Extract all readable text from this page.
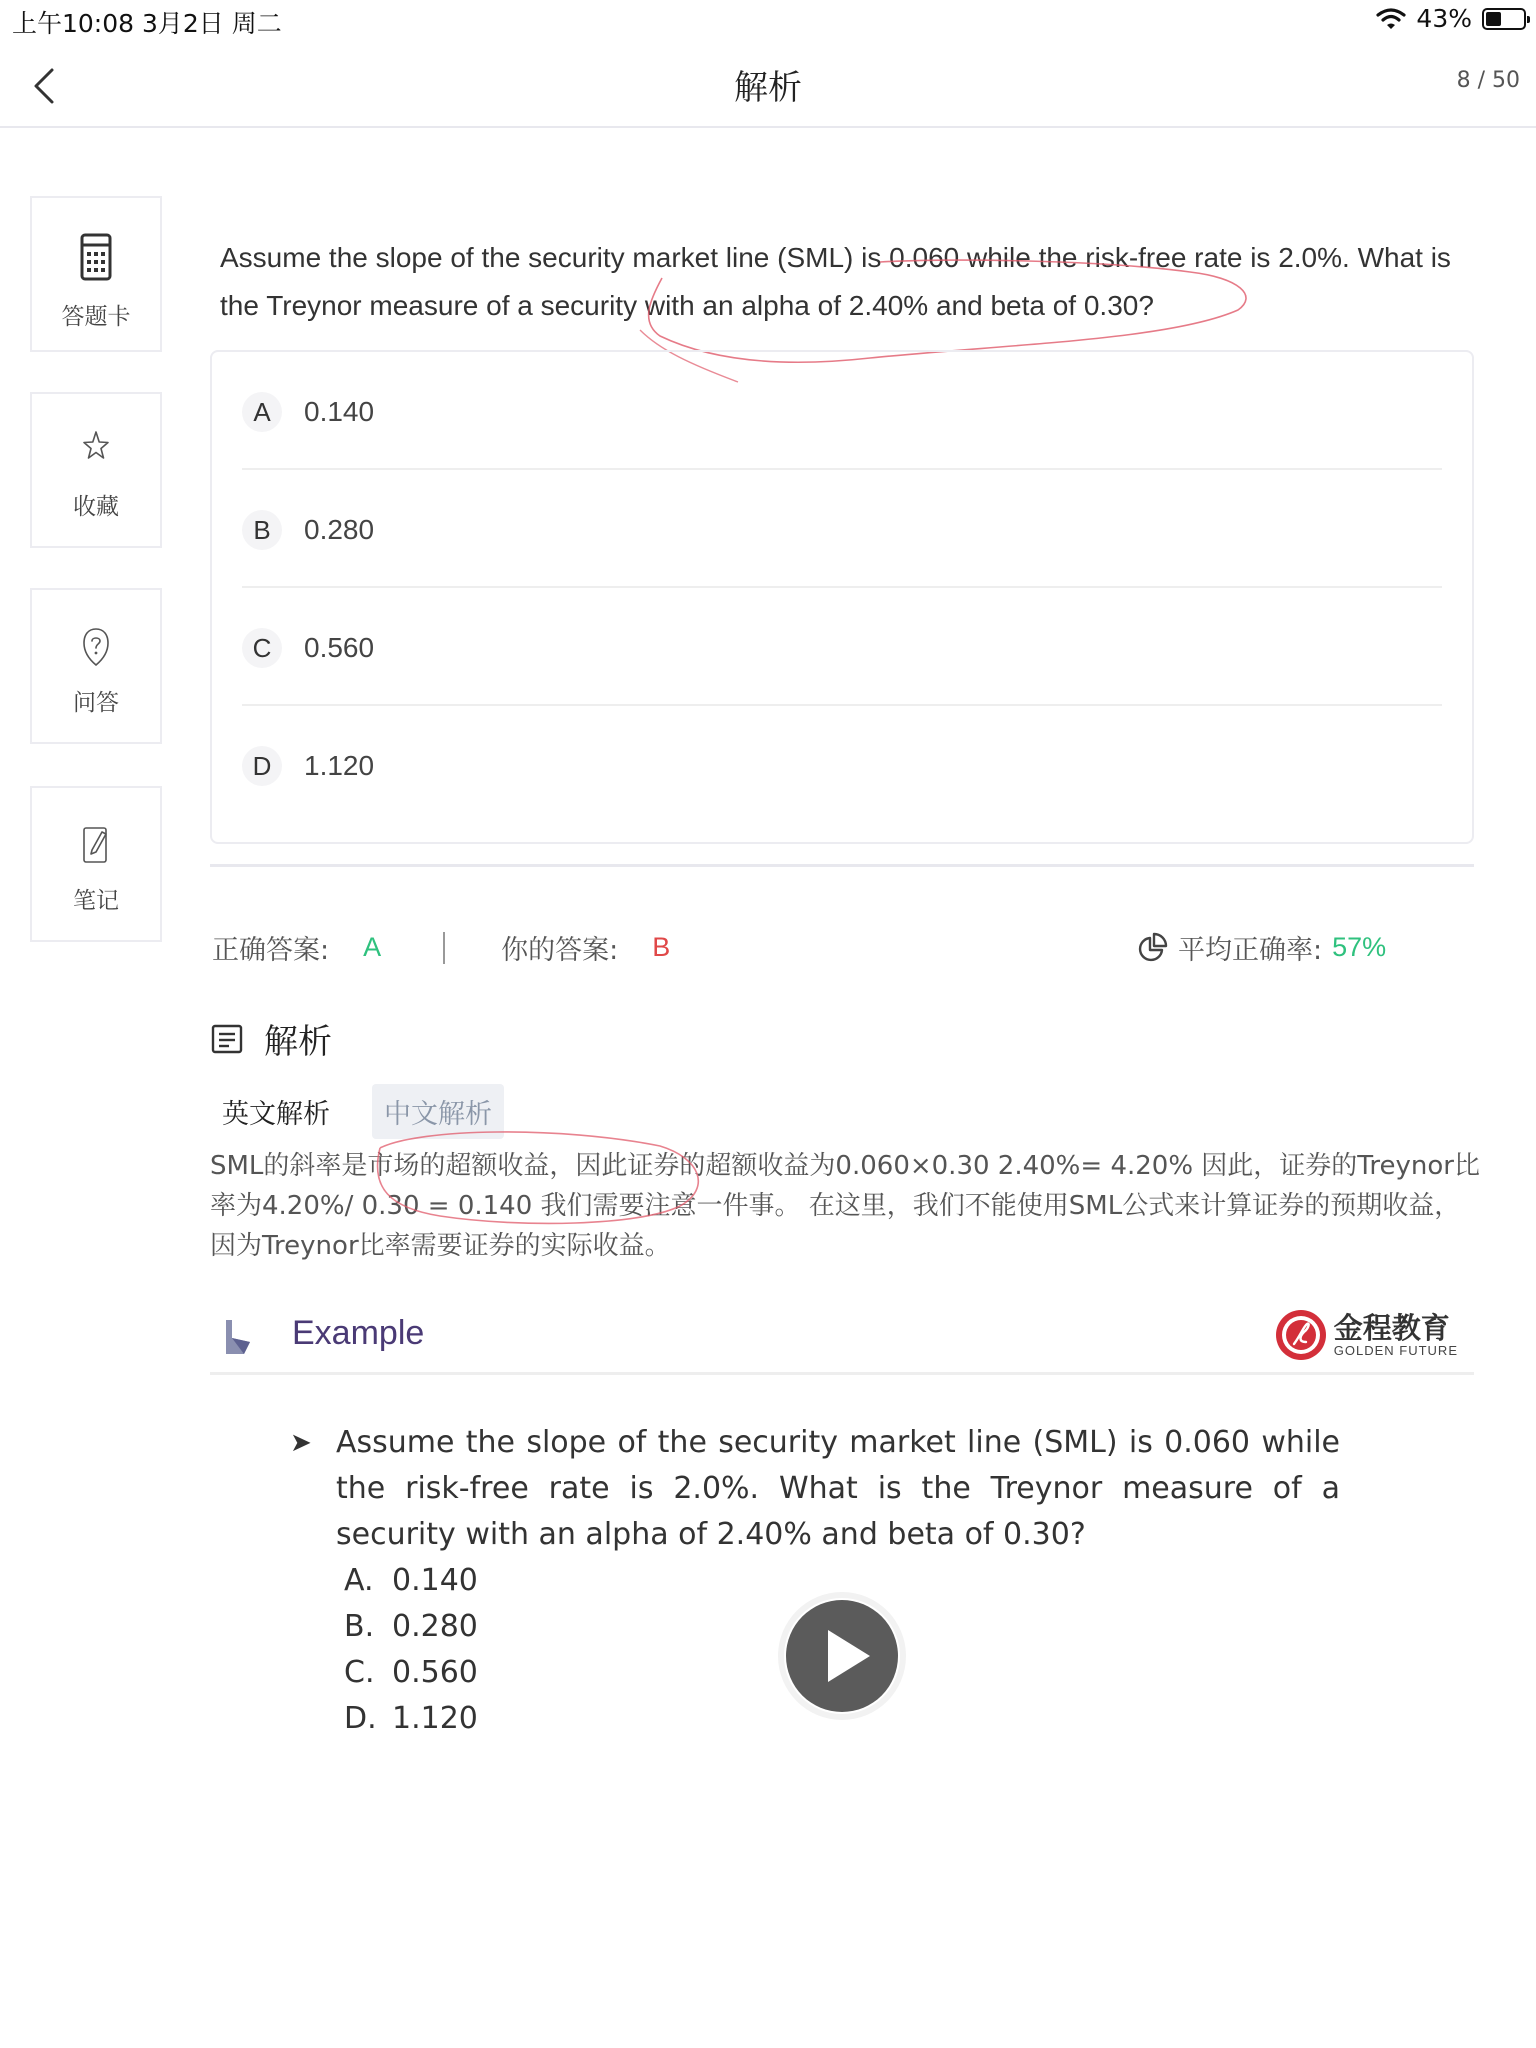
上午10:08 3月2日 周二	43%
解析	8 / 50
答题卡
收藏
问答
笔记
Assume the slope of the security market line (SML) is 0.060 while the risk-free rate is 2.0%. What is the Treynor measure of a security with an alpha of 2.40% and beta of 0.30?
A	0.140
B	0.280
C	0.560
D	1.120
正确答案: A	你的答案: B	平均正确率: 57%
解析
英文解析	中文解析
SML的斜率是市场的超额收益，因此证券的超额收益为0.060×0.30 2.40%= 4.20% 因此，证券的Treynor比率为4.20%/ 0.30 = 0.140 我们需要注意一件事。 在这里，我们不能使用SML公式来计算证券的预期收益，因为Treynor比率需要证券的实际收益。
Example	金程教育
GOLDEN FUTURE
➤ Assume the slope of the security market line (SML) is 0.060 while the risk-free rate is 2.0%. What is the Treynor measure of a security with an alpha of 2.40% and beta of 0.30?
A. 0.140
B. 0.280
C. 0.560
D. 1.120
